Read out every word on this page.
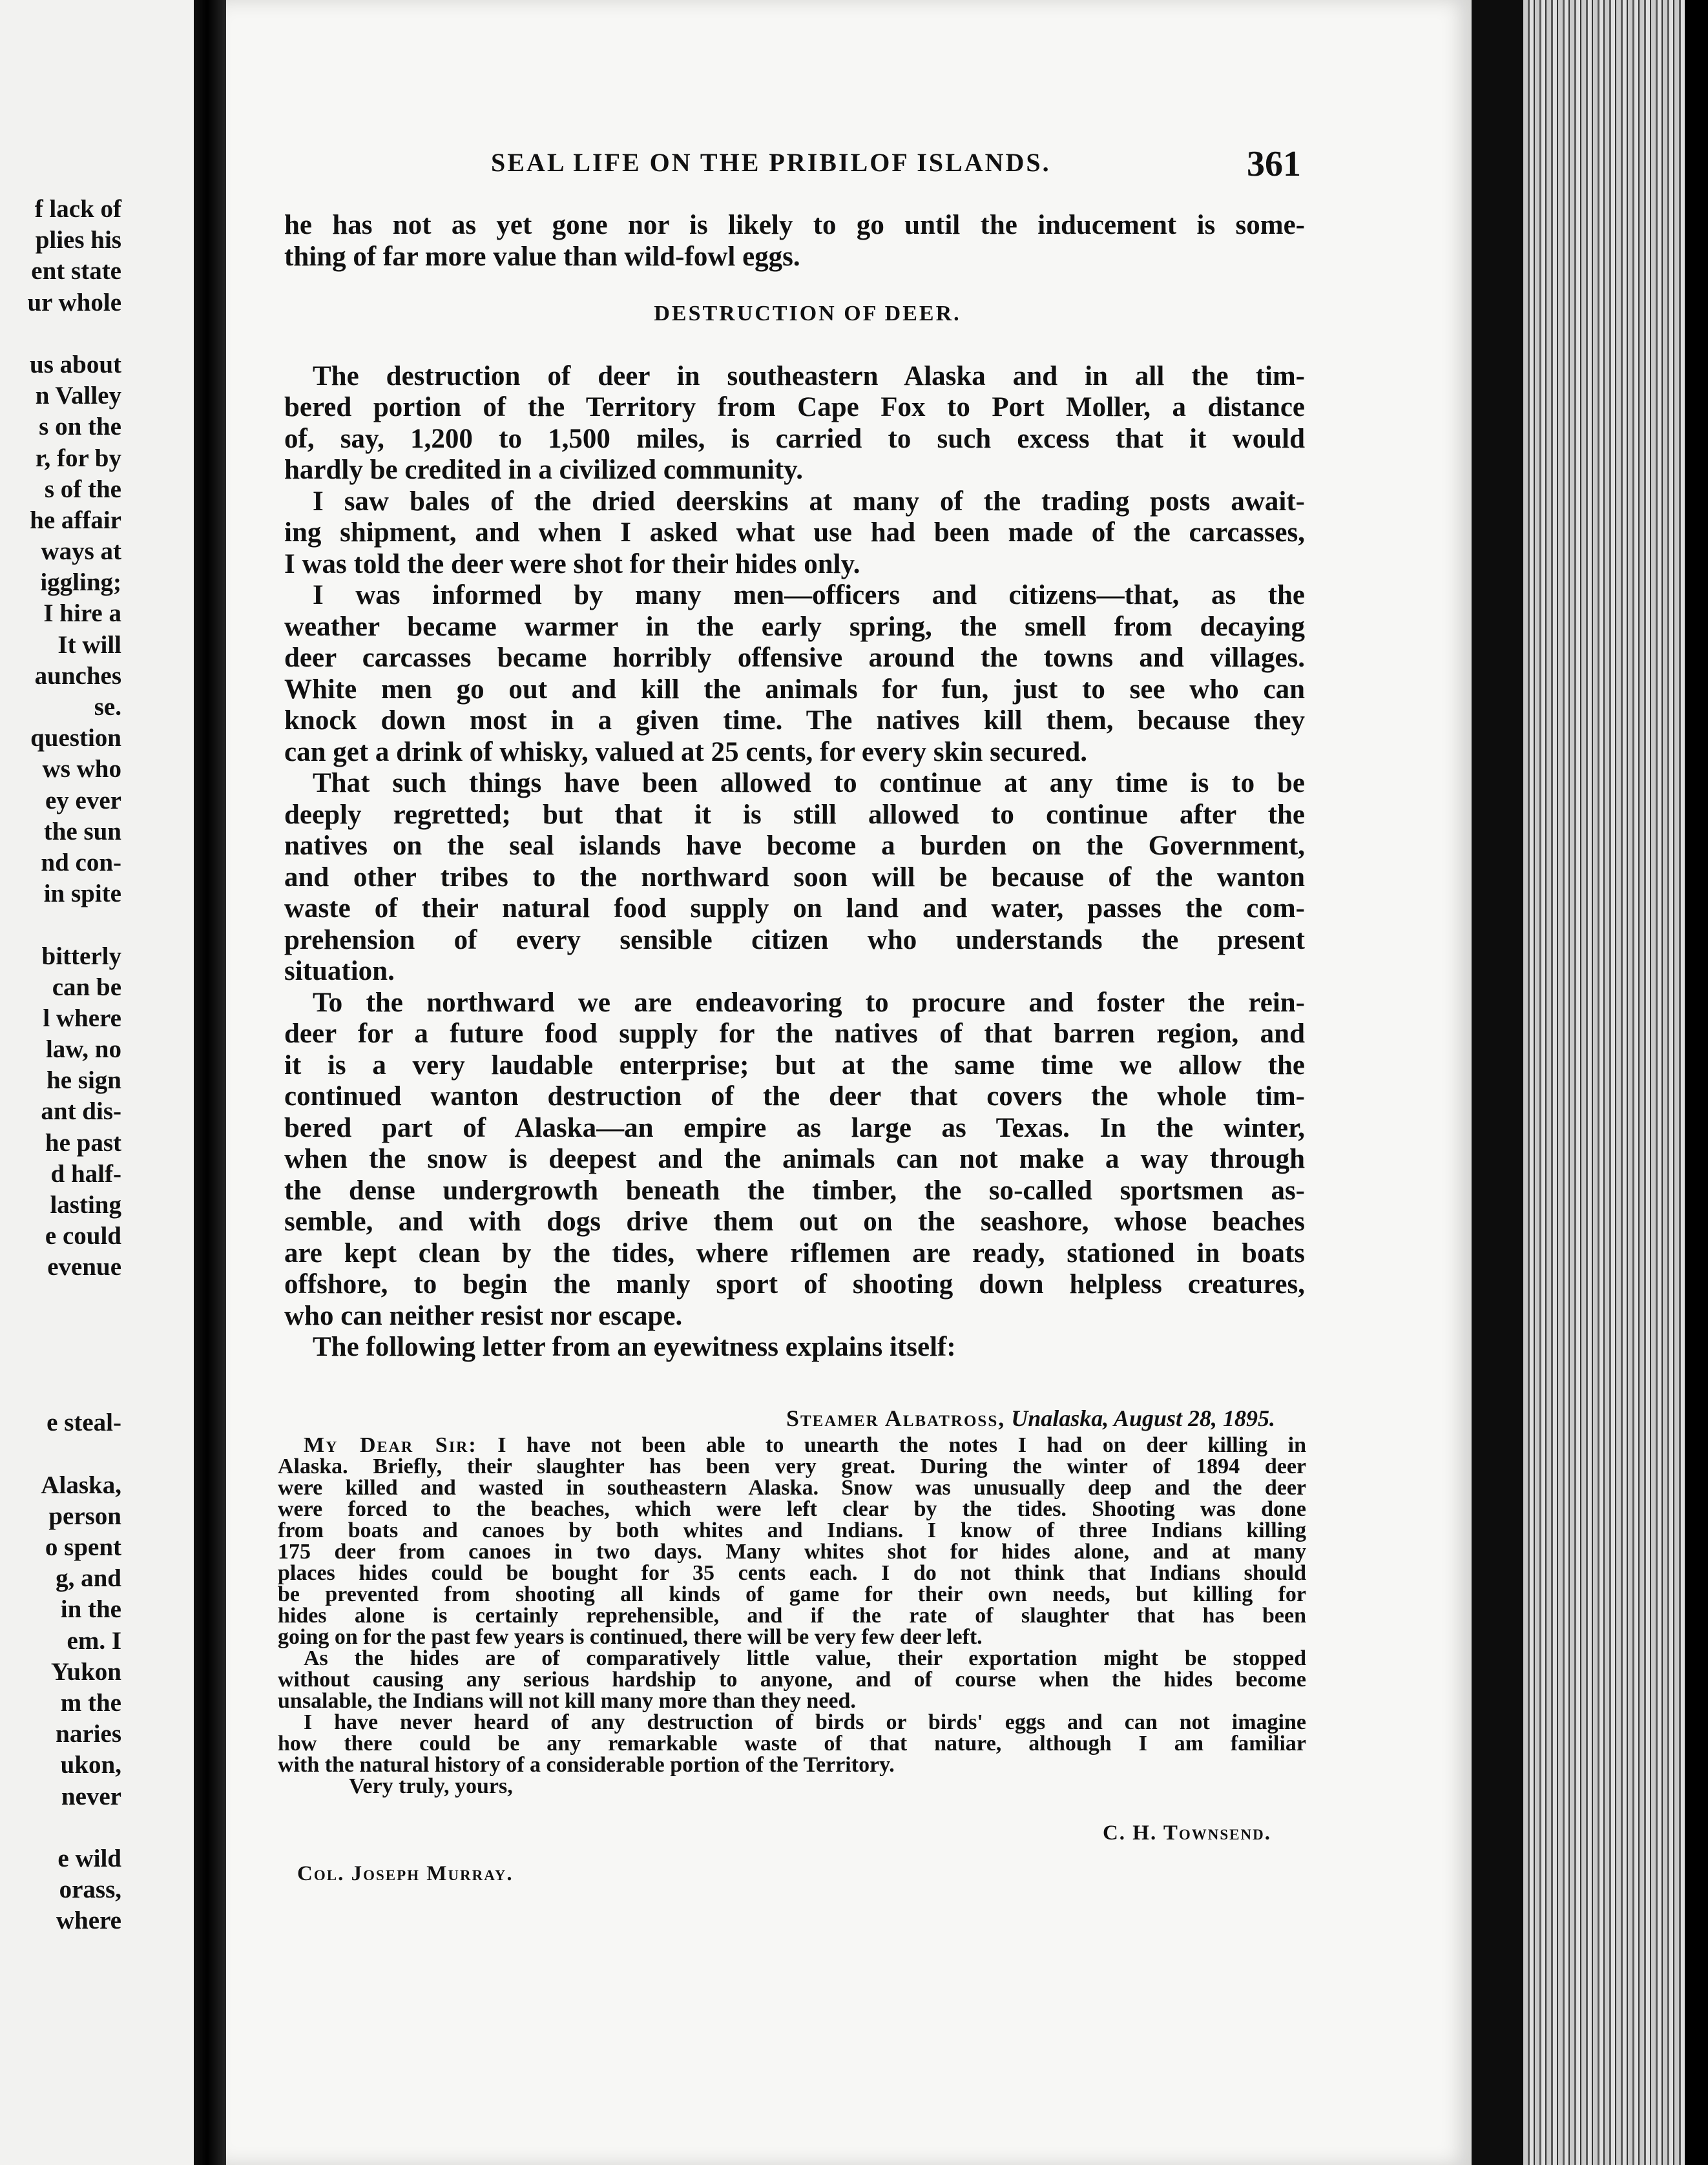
f lack of
plies his
ent state
ur whole
us about
n Valley
s on the
r, for by
s of the
he affair
ways at
iggling;
I hire a
It will
aunches
se.
question
ws who
ey ever
the sun
nd con-
in spite
bitterly
can be
l where
law, no
he sign
ant dis-
he past
d half-
lasting
e could
evenue
e steal-
Alaska,
person
o spent
g, and
in the
em. I
Yukon
m the
naries
ukon,
never
e wild
orass,
where
SEAL LIFE ON THE PRIBILOF ISLANDS.	361
he has not as yet gone nor is likely to go until the inducement is some-
thing of far more value than wild-fowl eggs.
DESTRUCTION OF DEER.
The destruction of deer in southeastern Alaska and in all the tim-
bered portion of the Territory from Cape Fox to Port Moller, a distance
of, say, 1,200 to 1,500 miles, is carried to such excess that it would
hardly be credited in a civilized community.
I saw bales of the dried deerskins at many of the trading posts await-
ing shipment, and when I asked what use had been made of the carcasses,
I was told the deer were shot for their hides only.
I was informed by many men—officers and citizens—that, as the
weather became warmer in the early spring, the smell from decaying
deer carcasses became horribly offensive around the towns and villages.
White men go out and kill the animals for fun, just to see who can
knock down most in a given time. The natives kill them, because they
can get a drink of whisky, valued at 25 cents, for every skin secured.
That such things have been allowed to continue at any time is to be
deeply regretted; but that it is still allowed to continue after the
natives on the seal islands have become a burden on the Government,
and other tribes to the northward soon will be because of the wanton
waste of their natural food supply on land and water, passes the com-
prehension of every sensible citizen who understands the present
situation.
To the northward we are endeavoring to procure and foster the rein-
deer for a future food supply for the natives of that barren region, and
it is a very laudable enterprise; but at the same time we allow the
continued wanton destruction of the deer that covers the whole tim-
bered part of Alaska—an empire as large as Texas. In the winter,
when the snow is deepest and the animals can not make a way through
the dense undergrowth beneath the timber, the so-called sportsmen as-
semble, and with dogs drive them out on the seashore, whose beaches
are kept clean by the tides, where riflemen are ready, stationed in boats
offshore, to begin the manly sport of shooting down helpless creatures,
who can neither resist nor escape.
The following letter from an eyewitness explains itself:
Steamer Albatross, Unalaska, August 28, 1895.
My Dear Sir: I have not been able to unearth the notes I had on deer killing in
Alaska. Briefly, their slaughter has been very great. During the winter of 1894 deer
were killed and wasted in southeastern Alaska. Snow was unusually deep and the deer
were forced to the beaches, which were left clear by the tides. Shooting was done
from boats and canoes by both whites and Indians. I know of three Indians killing
175 deer from canoes in two days. Many whites shot for hides alone, and at many
places hides could be bought for 35 cents each. I do not think that Indians should
be prevented from shooting all kinds of game for their own needs, but killing for
hides alone is certainly reprehensible, and if the rate of slaughter that has been
going on for the past few years is continued, there will be very few deer left.
As the hides are of comparatively little value, their exportation might be stopped
without causing any serious hardship to anyone, and of course when the hides become
unsalable, the Indians will not kill many more than they need.
I have never heard of any destruction of birds or birds' eggs and can not imagine
how there could be any remarkable waste of that nature, although I am familiar
with the natural history of a considerable portion of the Territory.
Very truly, yours,
C. H. Townsend.
Col. Joseph Murray.
